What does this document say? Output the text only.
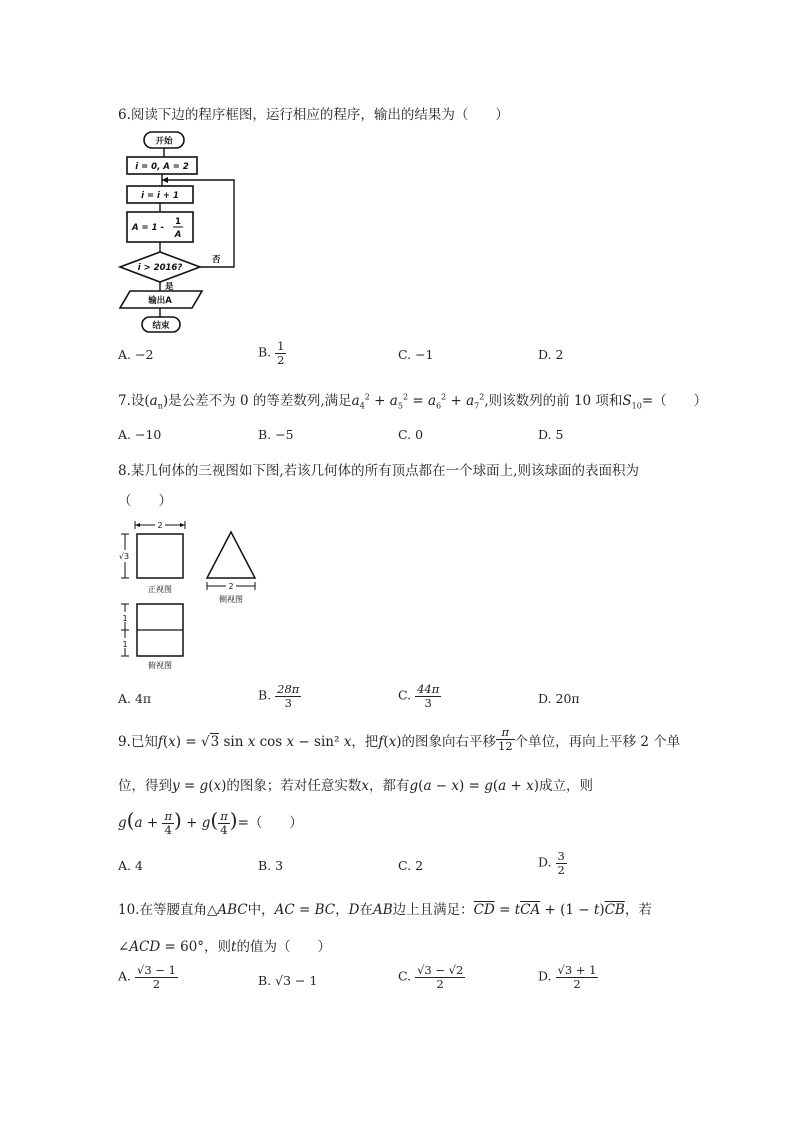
6.阅读下边的程序框图，运行相应的程序，输出的结果为（　　）
开始
i = 0, A = 2
i = i + 1
A = 1 -
1
A
i > 2016?
否
是
输出A
结束
A. −2	B. $\frac{1}{2}$	C. −1	D. 2
7.设$(a_n)$是公差不为 0 的等差数列,满足$a_4^2 + a_5^2 = a_6^2 + a_7^2$,则该数列的前 10 项和$S_{10}=$（　　）
A. −10	B. −5	C. 0	D. 5
8.某几何体的三视图如下图,若该几何体的所有顶点都在一个球面上,则该球面的表面积为
（　　）
2
√3
正视图	2
侧视图
1
1
俯视图
A. 4π	B. $\frac{28\pi}{3}$	C. $\frac{44\pi}{3}$	D. 20π
9.已知f(x) = √3 sin x cos x − sin² x，把f(x)的图象向右平移 $\frac{\pi}{12}$ 个单位，再向上平移 2 个单
位，得到y = g(x)的图象；若对任意实数x，都有g(a − x) = g(a + x)成立，则
$g(a + \frac{\pi}{4}$ ) + $g( \frac{\pi}{4}$ )=（　　）
A. 4	B. 3	C. 2	D. $\frac{3}{2}$
10.在等腰直角△ABC中，AC = BC，D在AB边上且满足：$\overline{CD} = t\overline{CA} + (1 - t)\overline{CB}$，若
∠ACD = 60°，则t的值为（　　）
A. $\frac{√3 - 1}{2}$	B. √3 − 1	C. $\frac{√3 - √2}{2}$	D. $\frac{√3 + 1}{2}$
